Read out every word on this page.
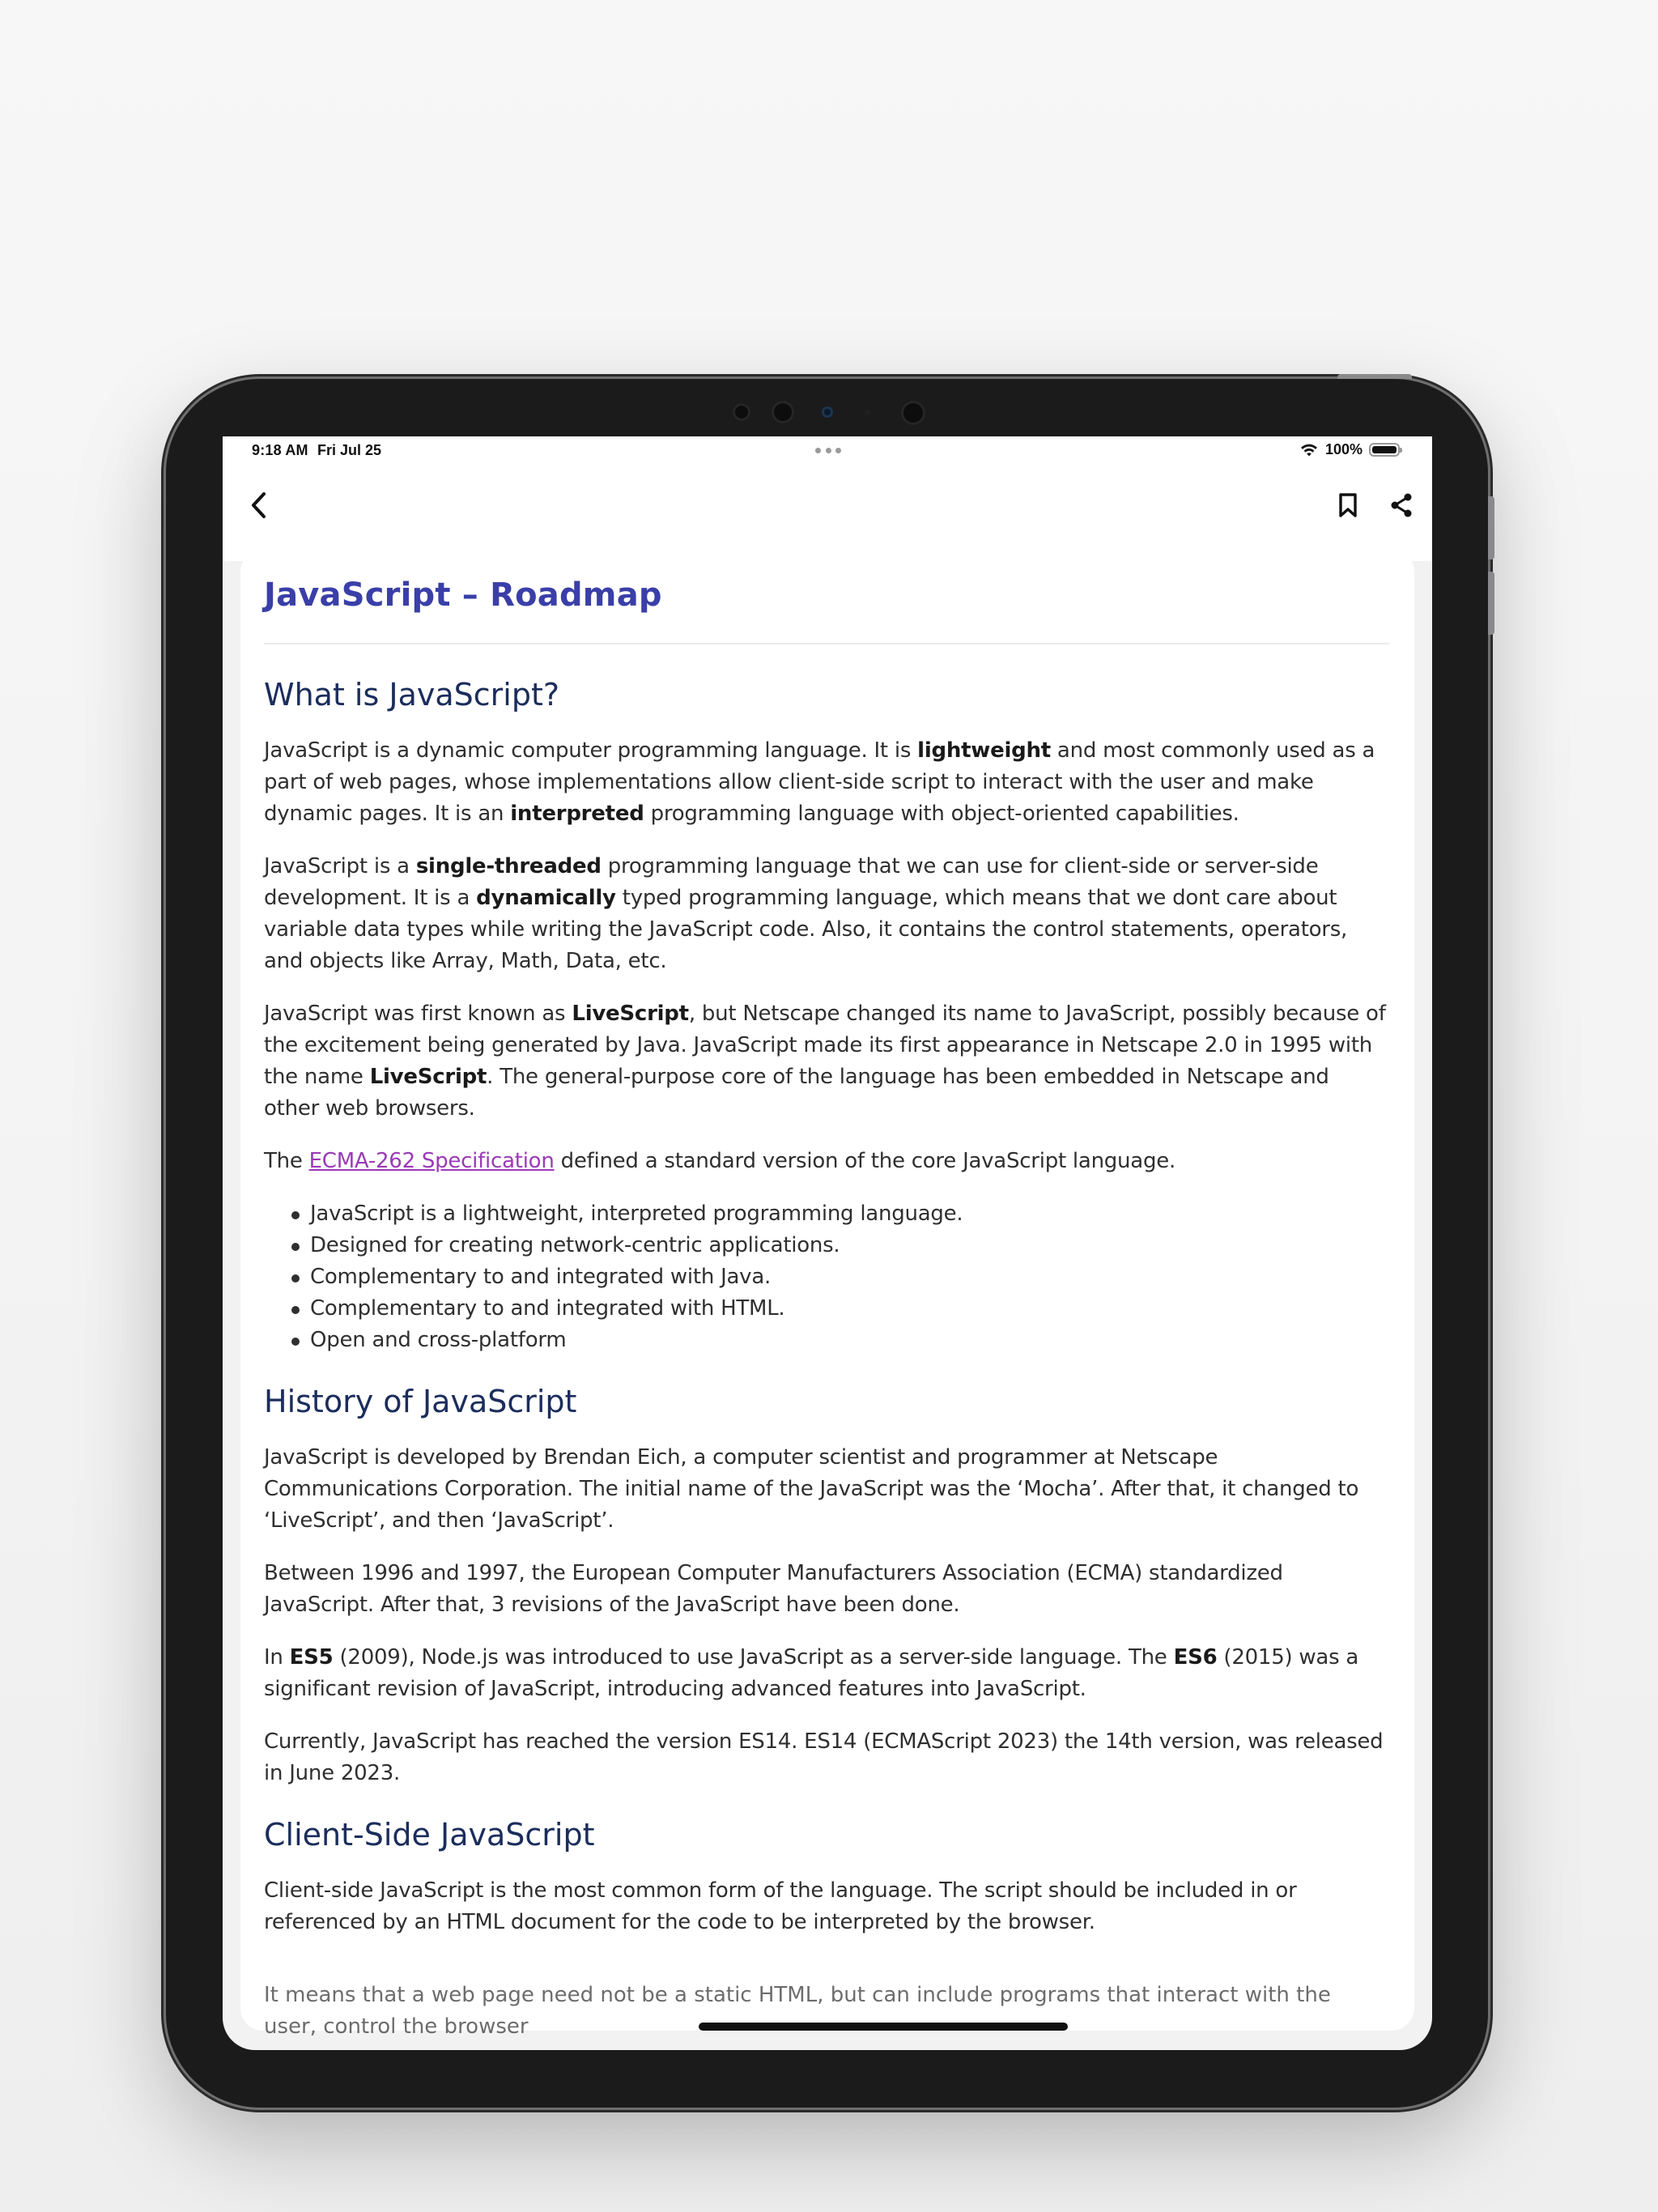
9:18 AM Fri Jul 25	100%
JavaScript – Roadmap
What is JavaScript?

JavaScript is a dynamic computer programming language. It is lightweight and most commonly used as a part of web pages, whose implementations allow client-side script to interact with the user and make dynamic pages. It is an interpreted programming language with object-oriented capabilities.

JavaScript is a single-threaded programming language that we can use for client-side or server-side development. It is a dynamically typed programming language, which means that we dont care about variable data types while writing the JavaScript code. Also, it contains the control statements, operators, and objects like Array, Math, Data, etc.

JavaScript was first known as LiveScript, but Netscape changed its name to JavaScript, possibly because of the excitement being generated by Java. JavaScript made its first appearance in Netscape 2.0 in 1995 with the name LiveScript. The general-purpose core of the language has been embedded in Netscape and other web browsers.

The ECMA-262 Specification defined a standard version of the core JavaScript language.

JavaScript is a lightweight, interpreted programming language.
Designed for creating network-centric applications.
Complementary to and integrated with Java.
Complementary to and integrated with HTML.
Open and cross-platform
History of JavaScript

JavaScript is developed by Brendan Eich, a computer scientist and programmer at Netscape Communications Corporation. The initial name of the JavaScript was the ‘Mocha’. After that, it changed to ‘LiveScript’, and then ‘JavaScript’.

Between 1996 and 1997, the European Computer Manufacturers Association (ECMA) standardized JavaScript. After that, 3 revisions of the JavaScript have been done.

In ES5 (2009), Node.js was introduced to use JavaScript as a server-side language. The ES6 (2015) was a significant revision of JavaScript, introducing advanced features into JavaScript.

Currently, JavaScript has reached the version ES14. ES14 (ECMAScript 2023) the 14th version, was released in June 2023.

Client-Side JavaScript

Client-side JavaScript is the most common form of the language. The script should be included in or referenced by an HTML document for the code to be interpreted by the browser.

It means that a web page need not be a static HTML, but can include programs that interact with the user, control the browser
